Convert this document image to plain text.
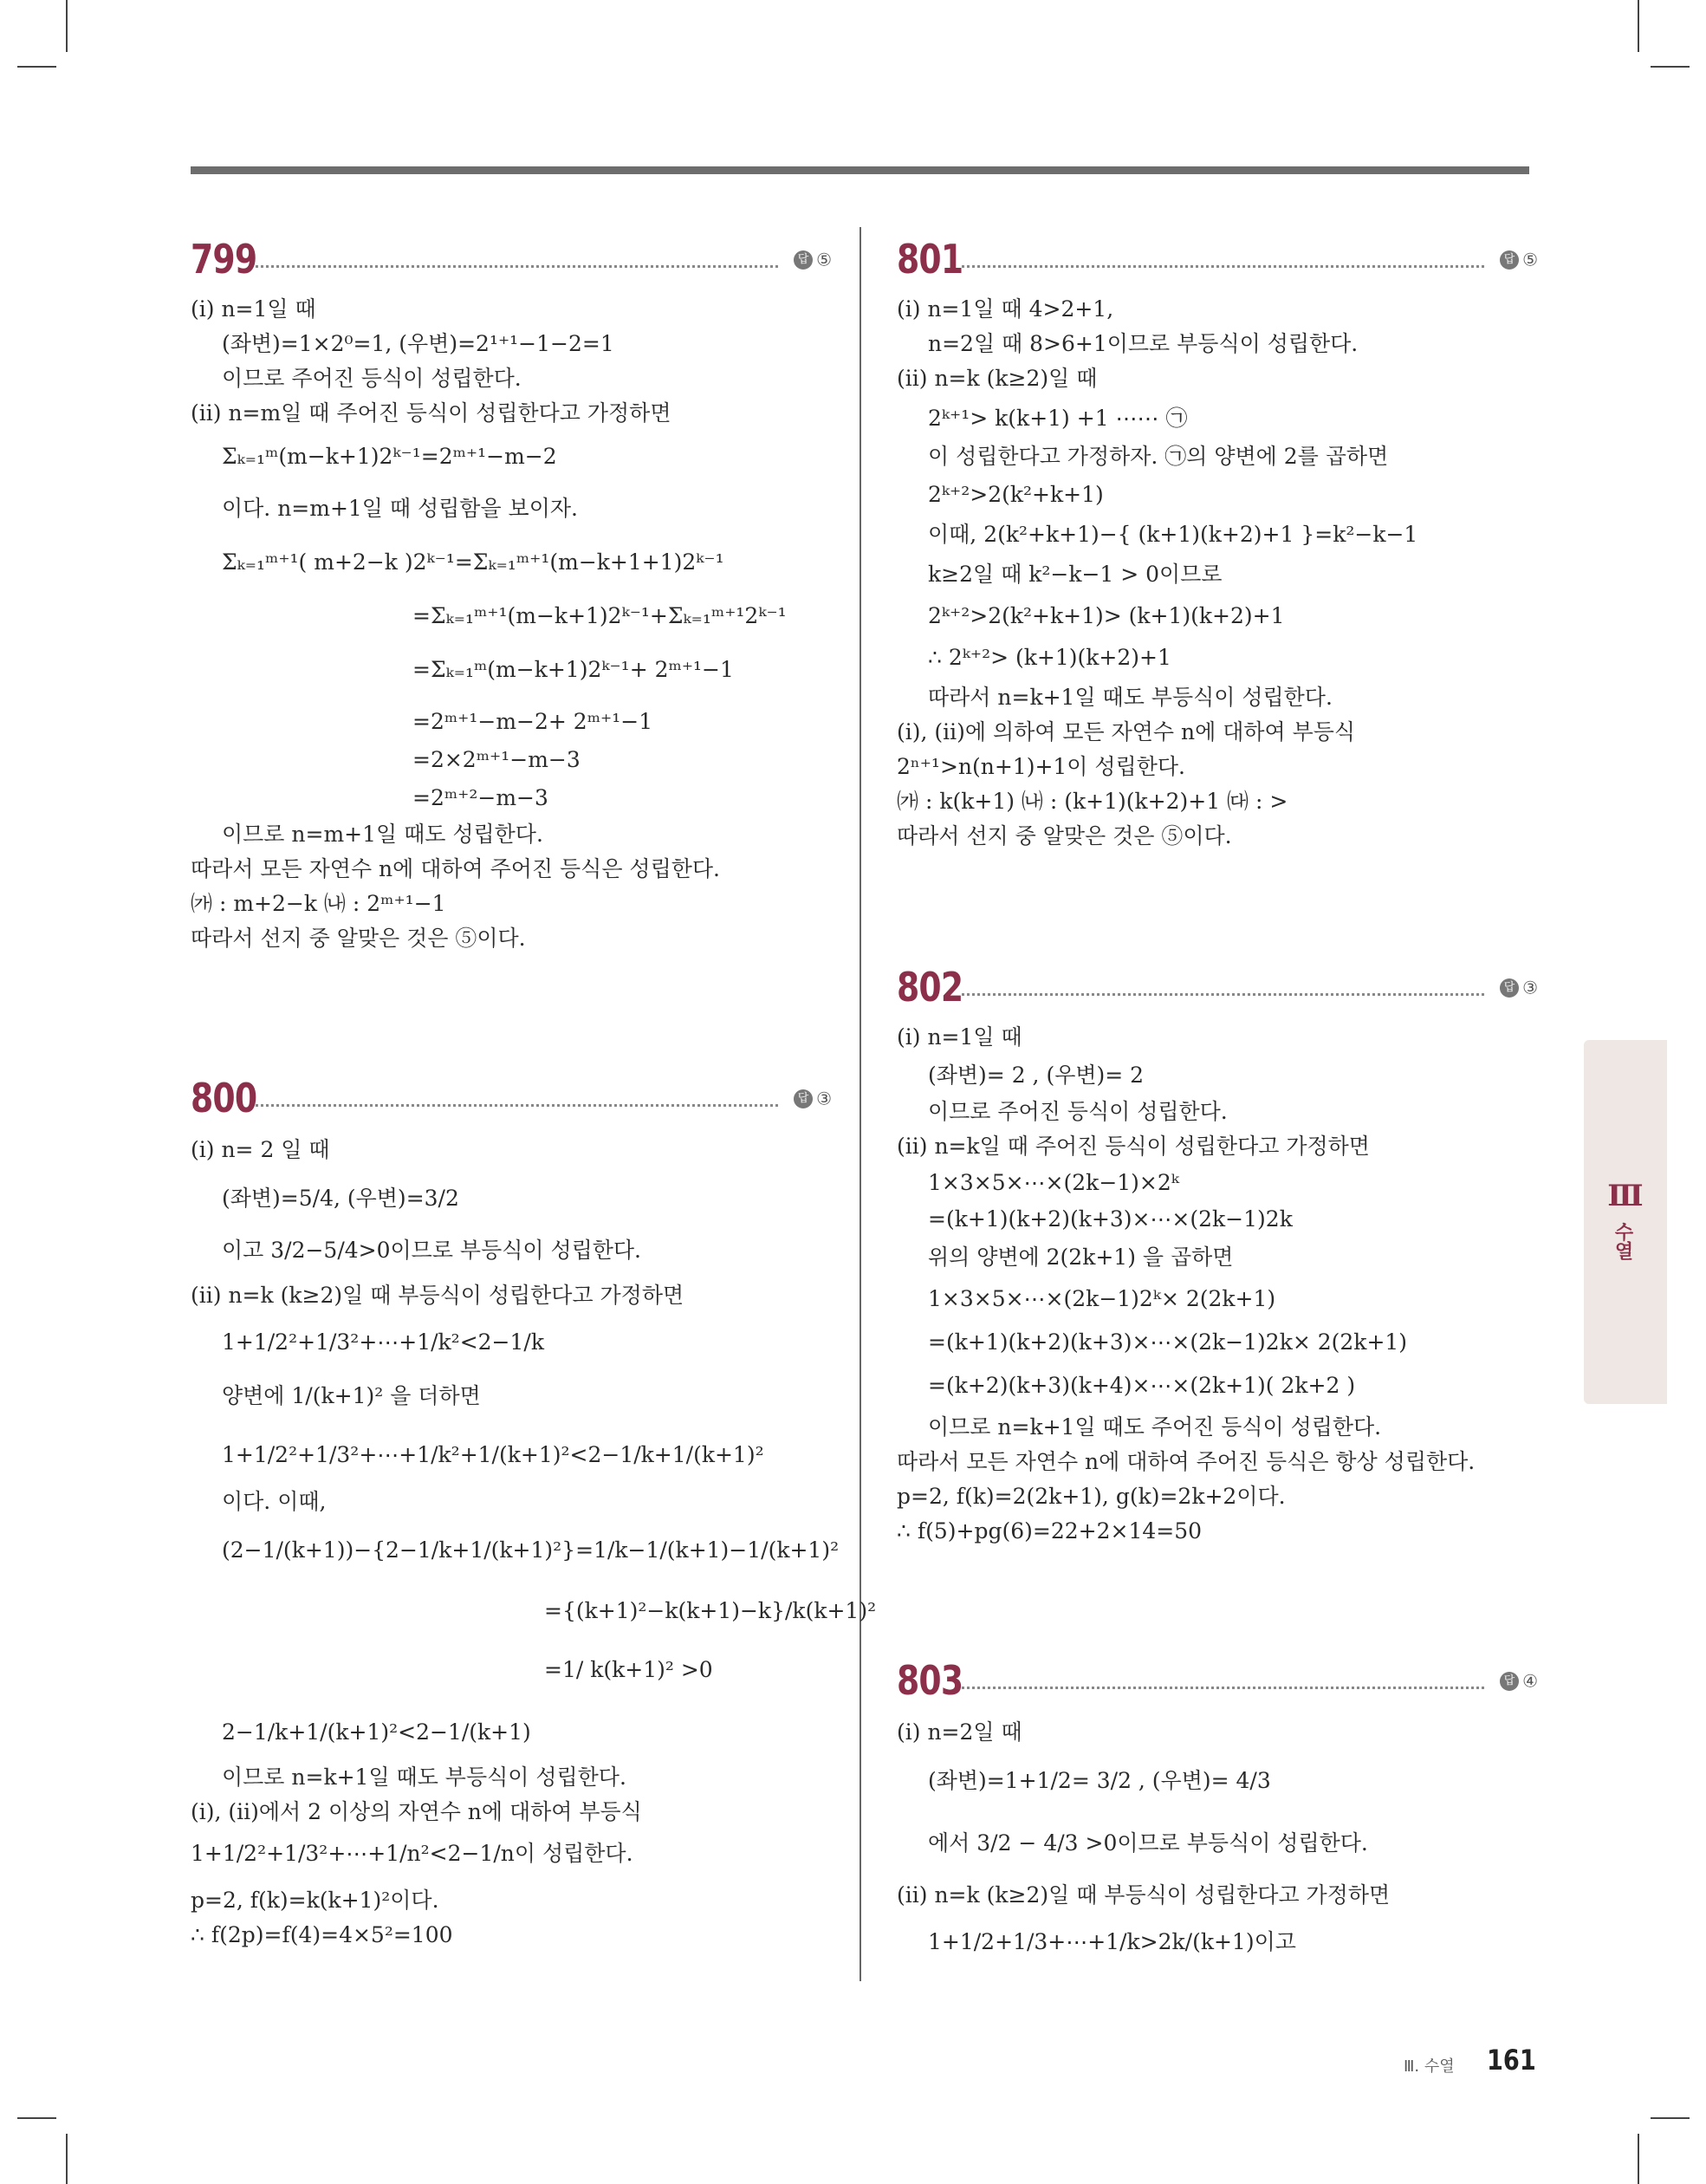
799	답 ⑤
(i) n=1일 때
(좌변)=1×2⁰=1, (우변)=2¹⁺¹−1−2=1
이므로 주어진 등식이 성립한다.
(ii) n=m일 때 주어진 등식이 성립한다고 가정하면
Σₖ₌₁ᵐ(m−k+1)2ᵏ⁻¹=2ᵐ⁺¹−m−2
이다. n=m+1일 때 성립함을 보이자.
Σₖ₌₁ᵐ⁺¹( m+2−k )2ᵏ⁻¹=Σₖ₌₁ᵐ⁺¹(m−k+1+1)2ᵏ⁻¹
=Σₖ₌₁ᵐ⁺¹(m−k+1)2ᵏ⁻¹+Σₖ₌₁ᵐ⁺¹2ᵏ⁻¹
=Σₖ₌₁ᵐ(m−k+1)2ᵏ⁻¹+ 2ᵐ⁺¹−1
=2ᵐ⁺¹−m−2+ 2ᵐ⁺¹−1
=2×2ᵐ⁺¹−m−3
=2ᵐ⁺²−m−3
이므로 n=m+1일 때도 성립한다.
따라서 모든 자연수 n에 대하여 주어진 등식은 성립한다.
㈎ : m+2−k ㈏ : 2ᵐ⁺¹−1
따라서 선지 중 알맞은 것은 ⑤이다.
800	답 ③
(i) n= 2 일 때
(좌변)=5/4, (우변)=3/2
이고 3/2−5/4>0이므로 부등식이 성립한다.
(ii) n=k (k≥2)일 때 부등식이 성립한다고 가정하면
1+1/2²+1/3²+⋯+1/k²<2−1/k
양변에 1/(k+1)² 을 더하면
1+1/2²+1/3²+⋯+1/k²+1/(k+1)²<2−1/k+1/(k+1)²
이다. 이때,
(2−1/(k+1))−{2−1/k+1/(k+1)²}=1/k−1/(k+1)−1/(k+1)²
={(k+1)²−k(k+1)−k}/k(k+1)²
=1/ k(k+1)² >0
2−1/k+1/(k+1)²<2−1/(k+1)
이므로 n=k+1일 때도 부등식이 성립한다.
(i), (ii)에서 2 이상의 자연수 n에 대하여 부등식
1+1/2²+1/3²+⋯+1/n²<2−1/n이 성립한다.
p=2, f(k)=k(k+1)²이다.
∴ f(2p)=f(4)=4×5²=100
801	답 ⑤
(i) n=1일 때 4>2+1,
n=2일 때 8>6+1이므로 부등식이 성립한다.
(ii) n=k (k≥2)일 때
2ᵏ⁺¹> k(k+1) +1 ⋯⋯ ㉠
이 성립한다고 가정하자. ㉠의 양변에 2를 곱하면
2ᵏ⁺²>2(k²+k+1)
이때, 2(k²+k+1)−{ (k+1)(k+2)+1 }=k²−k−1
k≥2일 때 k²−k−1 > 0이므로
2ᵏ⁺²>2(k²+k+1)> (k+1)(k+2)+1
∴ 2ᵏ⁺²> (k+1)(k+2)+1
따라서 n=k+1일 때도 부등식이 성립한다.
(i), (ii)에 의하여 모든 자연수 n에 대하여 부등식
2ⁿ⁺¹>n(n+1)+1이 성립한다.
㈎ : k(k+1) ㈏ : (k+1)(k+2)+1 ㈐ : >
따라서 선지 중 알맞은 것은 ⑤이다.
802	답 ③
(i) n=1일 때
(좌변)= 2 , (우변)= 2
이므로 주어진 등식이 성립한다.
(ii) n=k일 때 주어진 등식이 성립한다고 가정하면
1×3×5×⋯×(2k−1)×2ᵏ
=(k+1)(k+2)(k+3)×⋯×(2k−1)2k
위의 양변에 2(2k+1) 을 곱하면
1×3×5×⋯×(2k−1)2ᵏ× 2(2k+1)
=(k+1)(k+2)(k+3)×⋯×(2k−1)2k× 2(2k+1)
=(k+2)(k+3)(k+4)×⋯×(2k+1)( 2k+2 )
이므로 n=k+1일 때도 주어진 등식이 성립한다.
따라서 모든 자연수 n에 대하여 주어진 등식은 항상 성립한다.
p=2, f(k)=2(2k+1), g(k)=2k+2이다.
∴ f(5)+pg(6)=22+2×14=50
803	답 ④
(i) n=2일 때
(좌변)=1+1/2= 3/2 , (우변)= 4/3
에서 3/2 − 4/3 >0이므로 부등식이 성립한다.
(ii) n=k (k≥2)일 때 부등식이 성립한다고 가정하면
1+1/2+1/3+⋯+1/k>2k/(k+1)이고
Ⅲ
수열
Ⅲ. 수열 161
